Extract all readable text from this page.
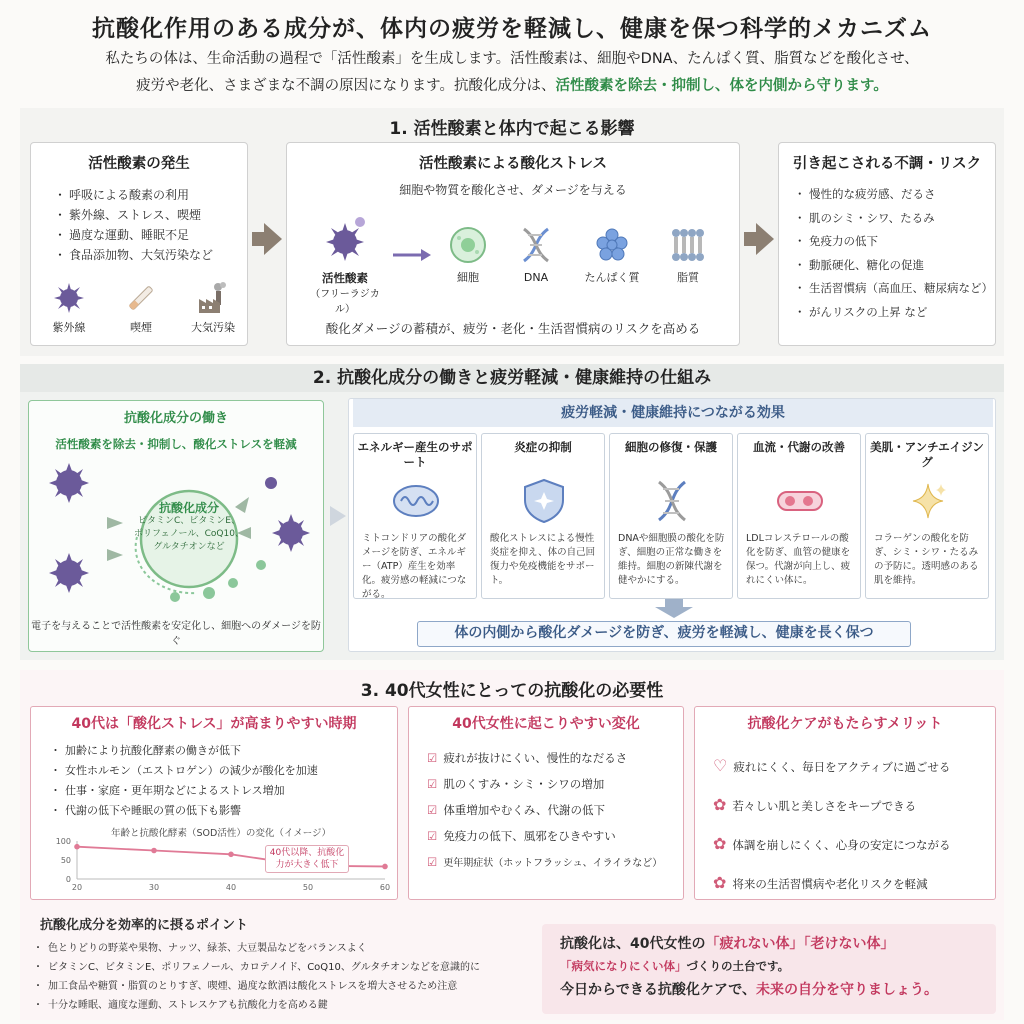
抗酸化作用のある成分が、体内の疲労を軽減し、健康を保つ科学的メカニズム
私たちの体は、生命活動の過程で「活性酸素」を生成します。活性酸素は、細胞やDNA、たんぱく質、脂質などを酸化させ、
疲労や老化、さまざまな不調の原因になります。抗酸化成分は、活性酸素を除去・抑制し、体を内側から守ります。
1. 活性酸素と体内で起こる影響
活性酸素の発生
・ 呼吸による酸素の利用
・ 紫外線、ストレス、喫煙
・ 過度な運動、睡眠不足
・ 食品添加物、大気汚染など
紫外線	喫煙	大気汚染
活性酸素による酸化ストレス
細胞や物質を酸化させ、ダメージを与える
活性酸素
（フリーラジカル）
細胞	DNA	たんぱく質	脂質
酸化ダメージの蓄積が、疲労・老化・生活習慣病のリスクを高める
引き起こされる不調・リスク
・ 慢性的な疲労感、だるさ
・ 肌のシミ・シワ、たるみ
・ 免疫力の低下
・ 動脈硬化、糖化の促進
・ 生活習慣病（高血圧、糖尿病など）
・ がんリスクの上昇 など
2. 抗酸化成分の働きと疲労軽減・健康維持の仕組み
抗酸化成分の働き
活性酸素を除去・抑制し、酸化ストレスを軽減
抗酸化成分
ビタミンC、ビタミンE、
ポリフェノール、CoQ10、
グルタチオンなど
電子を与えることで活性酸素を安定化し、細胞へのダメージを防ぐ
疲労軽減・健康維持につながる効果
エネルギー産生のサポート

ミトコンドリアの酸化ダメージを防ぎ、エネルギー（ATP）産生を効率化。疲労感の軽減につながる。

炎症の抑制

酸化ストレスによる慢性炎症を抑え、体の自己回復力や免疫機能をサポート。

細胞の修復・保護

DNAや細胞膜の酸化を防ぎ、細胞の正常な働きを維持。細胞の新陳代謝を健やかにする。

血流・代謝の改善

LDLコレステロールの酸化を防ぎ、血管の健康を保つ。代謝が向上し、疲れにくい体に。

美肌・アンチエイジング

コラーゲンの酸化を防ぎ、シミ・シワ・たるみの予防に。透明感のある肌を維持。

体の内側から酸化ダメージを防ぎ、疲労を軽減し、健康を長く保つ
3. 40代女性にとっての抗酸化の必要性
40代は「酸化ストレス」が高まりやすい時期
・ 加齢により抗酸化酵素の働きが低下
・ 女性ホルモン（エストロゲン）の減少が酸化を加速
・ 仕事・家庭・更年期などによるストレス増加
・ 代謝の低下や睡眠の質の低下も影響
年齢と抗酸化酵素（SOD活性）の変化（イメージ）
100
50
0
20	30	40	50	60
40代以降、抗酸化力が大きく低下
40代女性に起こりやすい変化
☑ 疲れが抜けにくい、慢性的なだるさ
☑ 肌のくすみ・シミ・シワの増加
☑ 体重増加やむくみ、代謝の低下
☑ 免疫力の低下、風邪をひきやすい
☑ 更年期症状（ホットフラッシュ、イライラなど）
抗酸化ケアがもたらすメリット
♡ 疲れにくく、毎日をアクティブに過ごせる
✿ 若々しい肌と美しさをキープできる
✿ 体調を崩しにくく、心身の安定につながる
✿ 将来の生活習慣病や老化リスクを軽減
抗酸化成分を効率的に摂るポイント
・ 色とりどりの野菜や果物、ナッツ、緑茶、大豆製品などをバランスよく
・ ビタミンC、ビタミンE、ポリフェノール、カロテノイド、CoQ10、グルタチオンなどを意識的に
・ 加工食品や糖質・脂質のとりすぎ、喫煙、過度な飲酒は酸化ストレスを増大させるため注意
・ 十分な睡眠、適度な運動、ストレスケアも抗酸化力を高める鍵
抗酸化は、40代女性の「疲れない体」「老けない体」
「病気になりにくい体」づくりの土台です。
今日からできる抗酸化ケアで、未来の自分を守りましょう。
